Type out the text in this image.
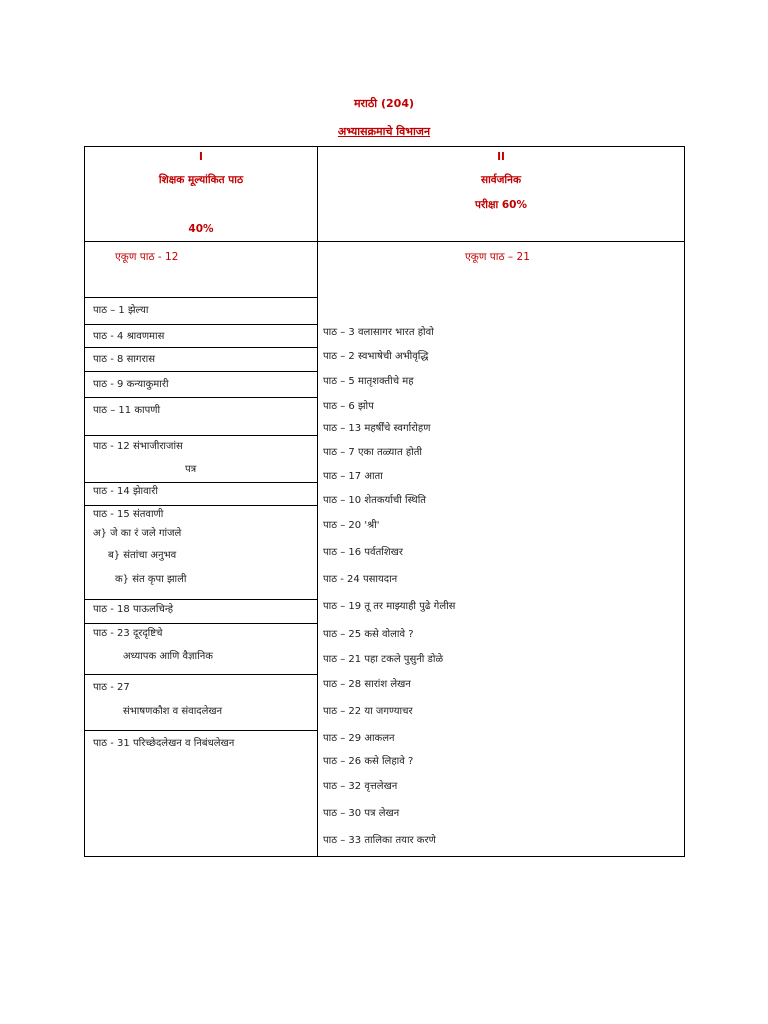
मराठी (204)
अभ्यासक्रमाचे विभाजन
I
शिक्षक मूल्यांकित पाठ
40%
II
सार्वजनिक
परीक्षा 60%
एकूण पाठ - 12	एकूण पाठ – 21
पाठ – 1 झेल्या
पाठ - 4 श्रावणमास
पाठ - 8 सागरास
पाठ - 9 कन्याकुमारी
पाठ – 11 कापणी
पाठ - 12 संभाजीराजांस
पत्र
पाठ - 14 झेावारी
पाठ - 15 संतवाणी
अ} जे का रं जले गांजले
ब} संतांचा अनुभव
क} संत कृपा झाली
पाठ - 18 पाऊलचिन्हे
पाठ - 23 दूरदृष्टिचे
अध्यापक आणि वैज्ञानिक
पाठ - 27
संभाषणकौश व संवादलेखन
पाठ - 31 परिच्छेदलेखन व निबंधलेखन
पाठ – 3 वलासागर भारत होवो
पाठ – 2 स्वभाषेची अभीवृद्धि
पाठ – 5 मातृशक्तीचे मह
पाठ – 6 झोप
पाठ – 13 महर्षींचे स्वर्गारोहण
पाठ – 7 एका तळ्यात होती
पाठ – 17 आता
पाठ – 10 शेतकर्याची स्थिति
पाठ – 20 'श्री'
पाठ – 16 पर्वतशिखर
पाठ - 24 पसायदान
पाठ – 19 तू तर माझ्याही पुढे गेलीस
पाठ – 25 कसे वोलावे ?
पाठ – 21 पहा टकले पुसुनी डोळे
पाठ – 28 सारांश लेखन
पाठ – 22 या जगण्याचर
पाठ – 29 आकलन
पाठ – 26 कसे लिहावे ?
पाठ – 32 वृत्तलेखन
पाठ – 30 पत्र लेखन
पाठ – 33 तालिका तयार करणे
